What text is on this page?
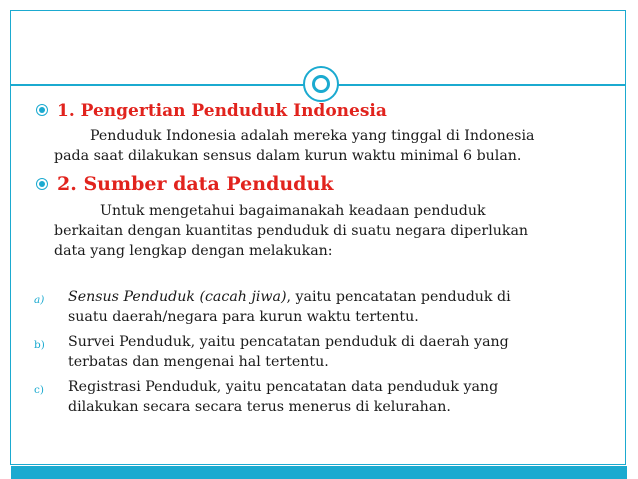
1. Pengertian Penduduk Indonesia
Penduduk Indonesia adalah mereka yang tinggal di Indonesia
pada saat dilakukan sensus dalam kurun waktu minimal 6 bulan.
2. Sumber data Penduduk
Untuk mengetahui bagaimanakah keadaan penduduk
berkaitan dengan kuantitas penduduk di suatu negara diperlukan
data yang lengkap dengan melakukan:
a) Sensus Penduduk (cacah jiwa), yaitu pencatatan penduduk di
suatu daerah/negara para kurun waktu tertentu.
b) Survei Penduduk, yaitu pencatatan penduduk di daerah yang
terbatas dan mengenai hal tertentu.
c) Registrasi Penduduk, yaitu pencatatan data penduduk yang
dilakukan secara secara terus menerus di kelurahan.
